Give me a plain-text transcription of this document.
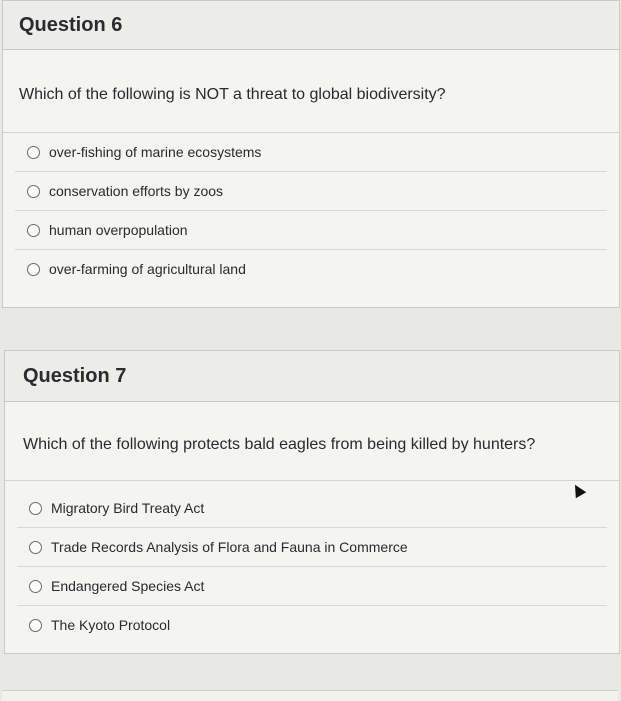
Question 6
Which of the following is NOT a threat to global biodiversity?
over-fishing of marine ecosystems
conservation efforts by zoos
human overpopulation
over-farming of agricultural land
Question 7
Which of the following protects bald eagles from being killed by hunters?
Migratory Bird Treaty Act
Trade Records Analysis of Flora and Fauna in Commerce
Endangered Species Act
The Kyoto Protocol
